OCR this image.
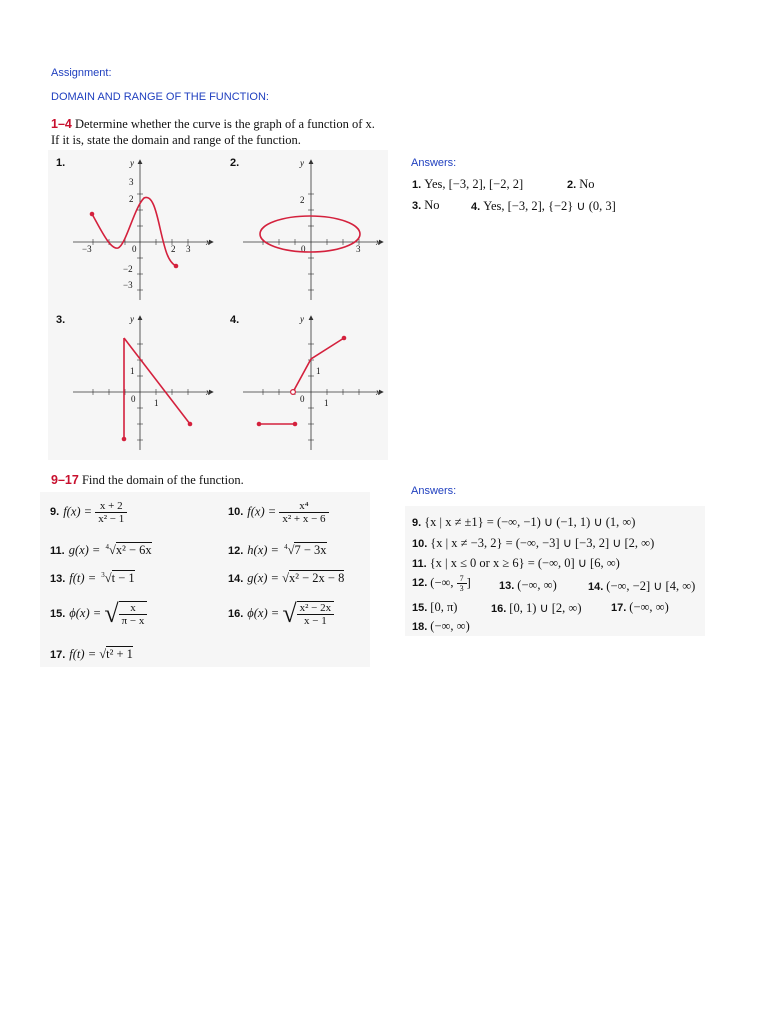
Assignment:
DOMAIN AND RANGE OF THE FUNCTION:
1–4 Determine whether the curve is the graph of a function of x.
If it is, state the domain and range of the function.
1.
−3	0	2 3
3
2
−2
−3
x
y	2.
0	3
2
x
y
3.
0 1
1
x
y	4.
0 1
1
x
y
Answers:
1. Yes, [−3, 2], [−2, 2]	2. No
3. No	4. Yes, [−3, 2], {−2} ∪ (0, 3]
9–17 Find the domain of the function.
9. $f(x) = \frac{x + 2}{\text{x² − 1}}$	10. $f(x) = \frac{\text{x⁴}}{\text{x² + x − 6}}$
11. g(x) = $^4$√x² − 6x	12. h(x) = $^4$√7 − 3x
13. f(t) = $^3$√t − 1	14. g(x) = √x² − 2x − 8
15. ϕ(x) = √ $\frac{x}{\pi - x}$	16. ϕ(x) = √ $\frac{\text{x² − 2x}}{x - 1}$
17. f(t) = √t² + 1
Answers:
9. {x | x ≠ ±1} = (−∞, −1) ∪ (−1, 1) ∪ (1, ∞)
10. {x | x ≠ −3, 2} = (−∞, −3] ∪ [−3, 2] ∪ [2, ∞)
11. {x | x ≤ 0 or x ≥ 6} = (−∞, 0] ∪ [6, ∞)
12. (−∞, $\frac{7}{3}$ ]	13. (−∞, ∞)	14. (−∞, −2] ∪ [4, ∞)
15. [0, π)	16. [0, 1) ∪ [2, ∞)	17. (−∞, ∞)
18. (−∞, ∞)
